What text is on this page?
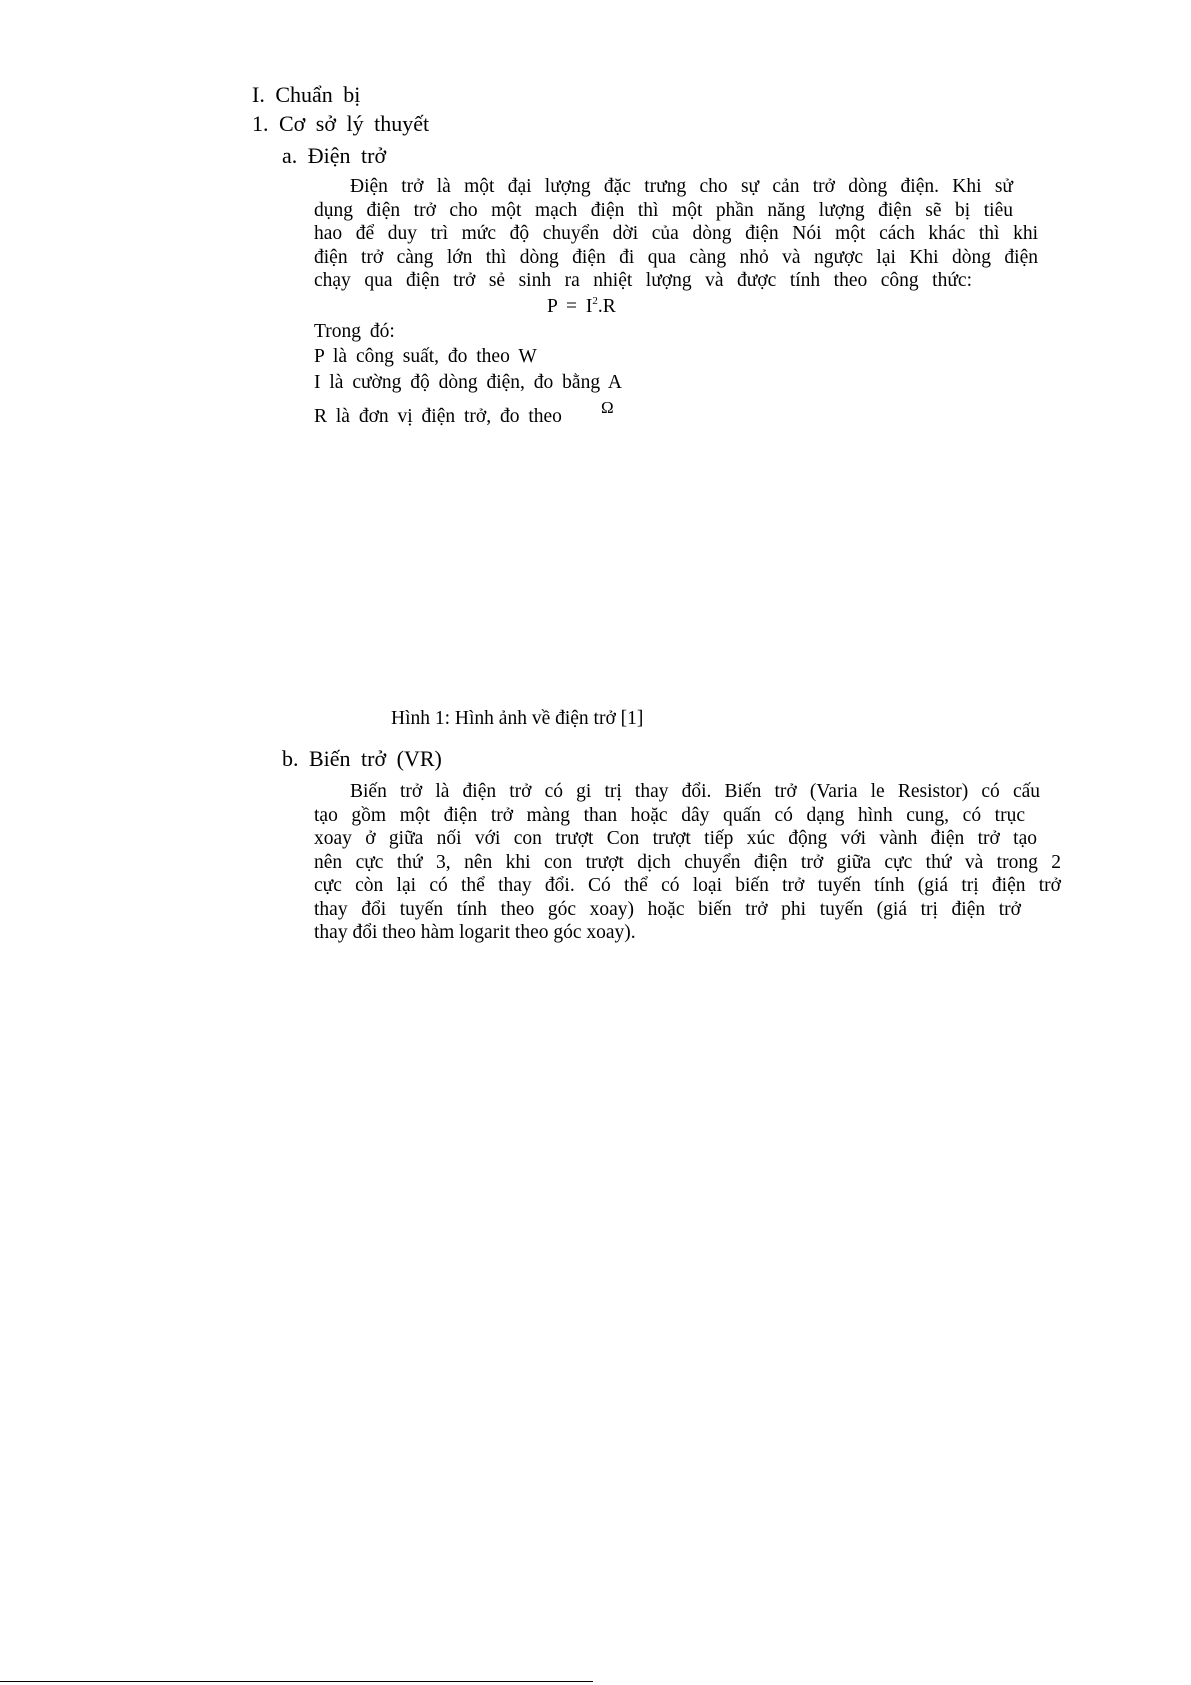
I. Chuẩn bị
1. Cơ sở lý thuyết
a. Điện trở
Điện trở là một đại lượng đặc trưng cho sự cản trở dòng điện. Khi sử
dụng điện trở cho một mạch điện thì một phần năng lượng điện sẽ bị tiêu
hao để duy trì mức độ chuyển dời của dòng điện Nói một cách khác thì khi
điện trở càng lớn thì dòng điện đi qua càng nhỏ và ngược lại Khi dòng điện
chạy qua điện trở sẻ sinh ra nhiệt lượng và được tính theo công thức:
$P = I^2.R$
Trong đó:
P là công suất, đo theo W
I là cường độ dòng điện, đo bằng A
R là đơn vị điện trở, đo theo Ω
Hình 1: Hình ảnh về điện trở [1]
b. Biến trở (VR)
Biến trở là điện trở có gi trị thay đổi. Biến trở (Varia le Resistor) có cấu
tạo gồm một điện trở màng than hoặc dây quấn có dạng hình cung, có trục
xoay ở giữa nối với con trượt Con trượt tiếp xúc động với vành điện trở tạo
nên cực thứ 3, nên khi con trượt dịch chuyển điện trở giữa cực thứ và trong 2
cực còn lại có thể thay đổi. Có thể có loại biến trở tuyến tính (giá trị điện trở
thay đổi tuyến tính theo góc xoay) hoặc biến trở phi tuyến (giá trị điện trở
thay đổi theo hàm logarit theo góc xoay).
